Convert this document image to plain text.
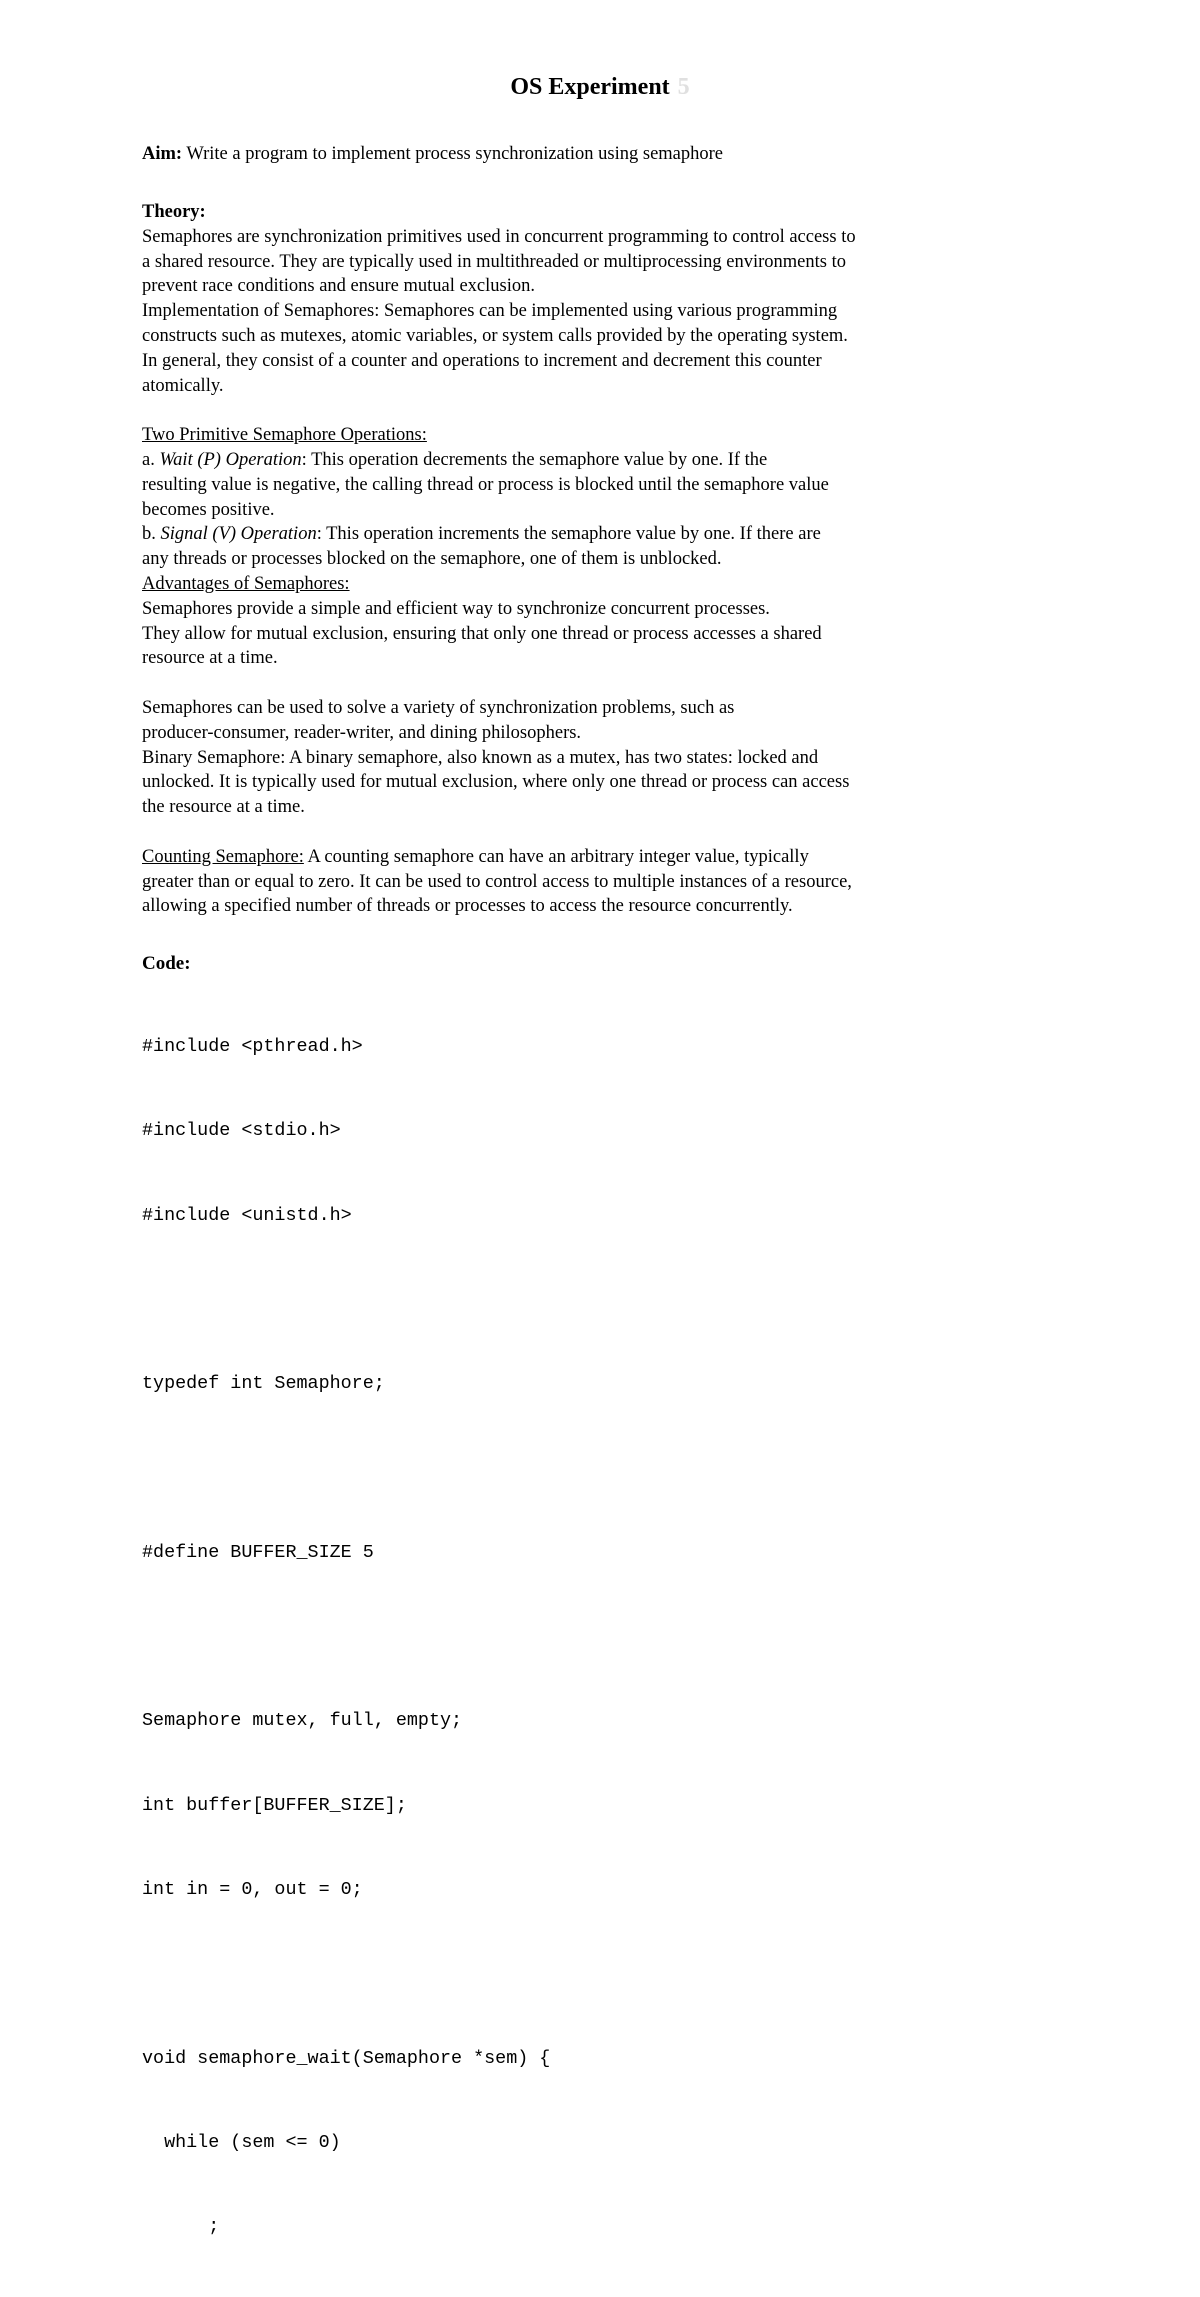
OS Experiment 5
Aim: Write a program to implement process synchronization using semaphore
Theory:
Semaphores are synchronization primitives used in concurrent programming to control access to
a shared resource. They are typically used in multithreaded or multiprocessing environments to
prevent race conditions and ensure mutual exclusion.
Implementation of Semaphores: Semaphores can be implemented using various programming
constructs such as mutexes, atomic variables, or system calls provided by the operating system.
In general, they consist of a counter and operations to increment and decrement this counter
atomically.
Two Primitive Semaphore Operations:
a. Wait (P) Operation: This operation decrements the semaphore value by one. If the
resulting value is negative, the calling thread or process is blocked until the semaphore value
becomes positive.
b. Signal (V) Operation: This operation increments the semaphore value by one. If there are
any threads or processes blocked on the semaphore, one of them is unblocked.
Advantages of Semaphores:
Semaphores provide a simple and efficient way to synchronize concurrent processes.
They allow for mutual exclusion, ensuring that only one thread or process accesses a shared
resource at a time.
Semaphores can be used to solve a variety of synchronization problems, such as
producer-consumer, reader-writer, and dining philosophers.
Binary Semaphore: A binary semaphore, also known as a mutex, has two states: locked and
unlocked. It is typically used for mutual exclusion, where only one thread or process can access
the resource at a time.
Counting Semaphore: A counting semaphore can have an arbitrary integer value, typically
greater than or equal to zero. It can be used to control access to multiple instances of a resource,
allowing a specified number of threads or processes to access the resource concurrently.
Code:

#include <pthread.h>

#include <stdio.h>

#include <unistd.h>

typedef int Semaphore;

#define BUFFER_SIZE 5

Semaphore mutex, full, empty;

int buffer[BUFFER_SIZE];

int in = 0, out = 0;

void semaphore_wait(Semaphore *sem) {

while (sem <= 0)

;
